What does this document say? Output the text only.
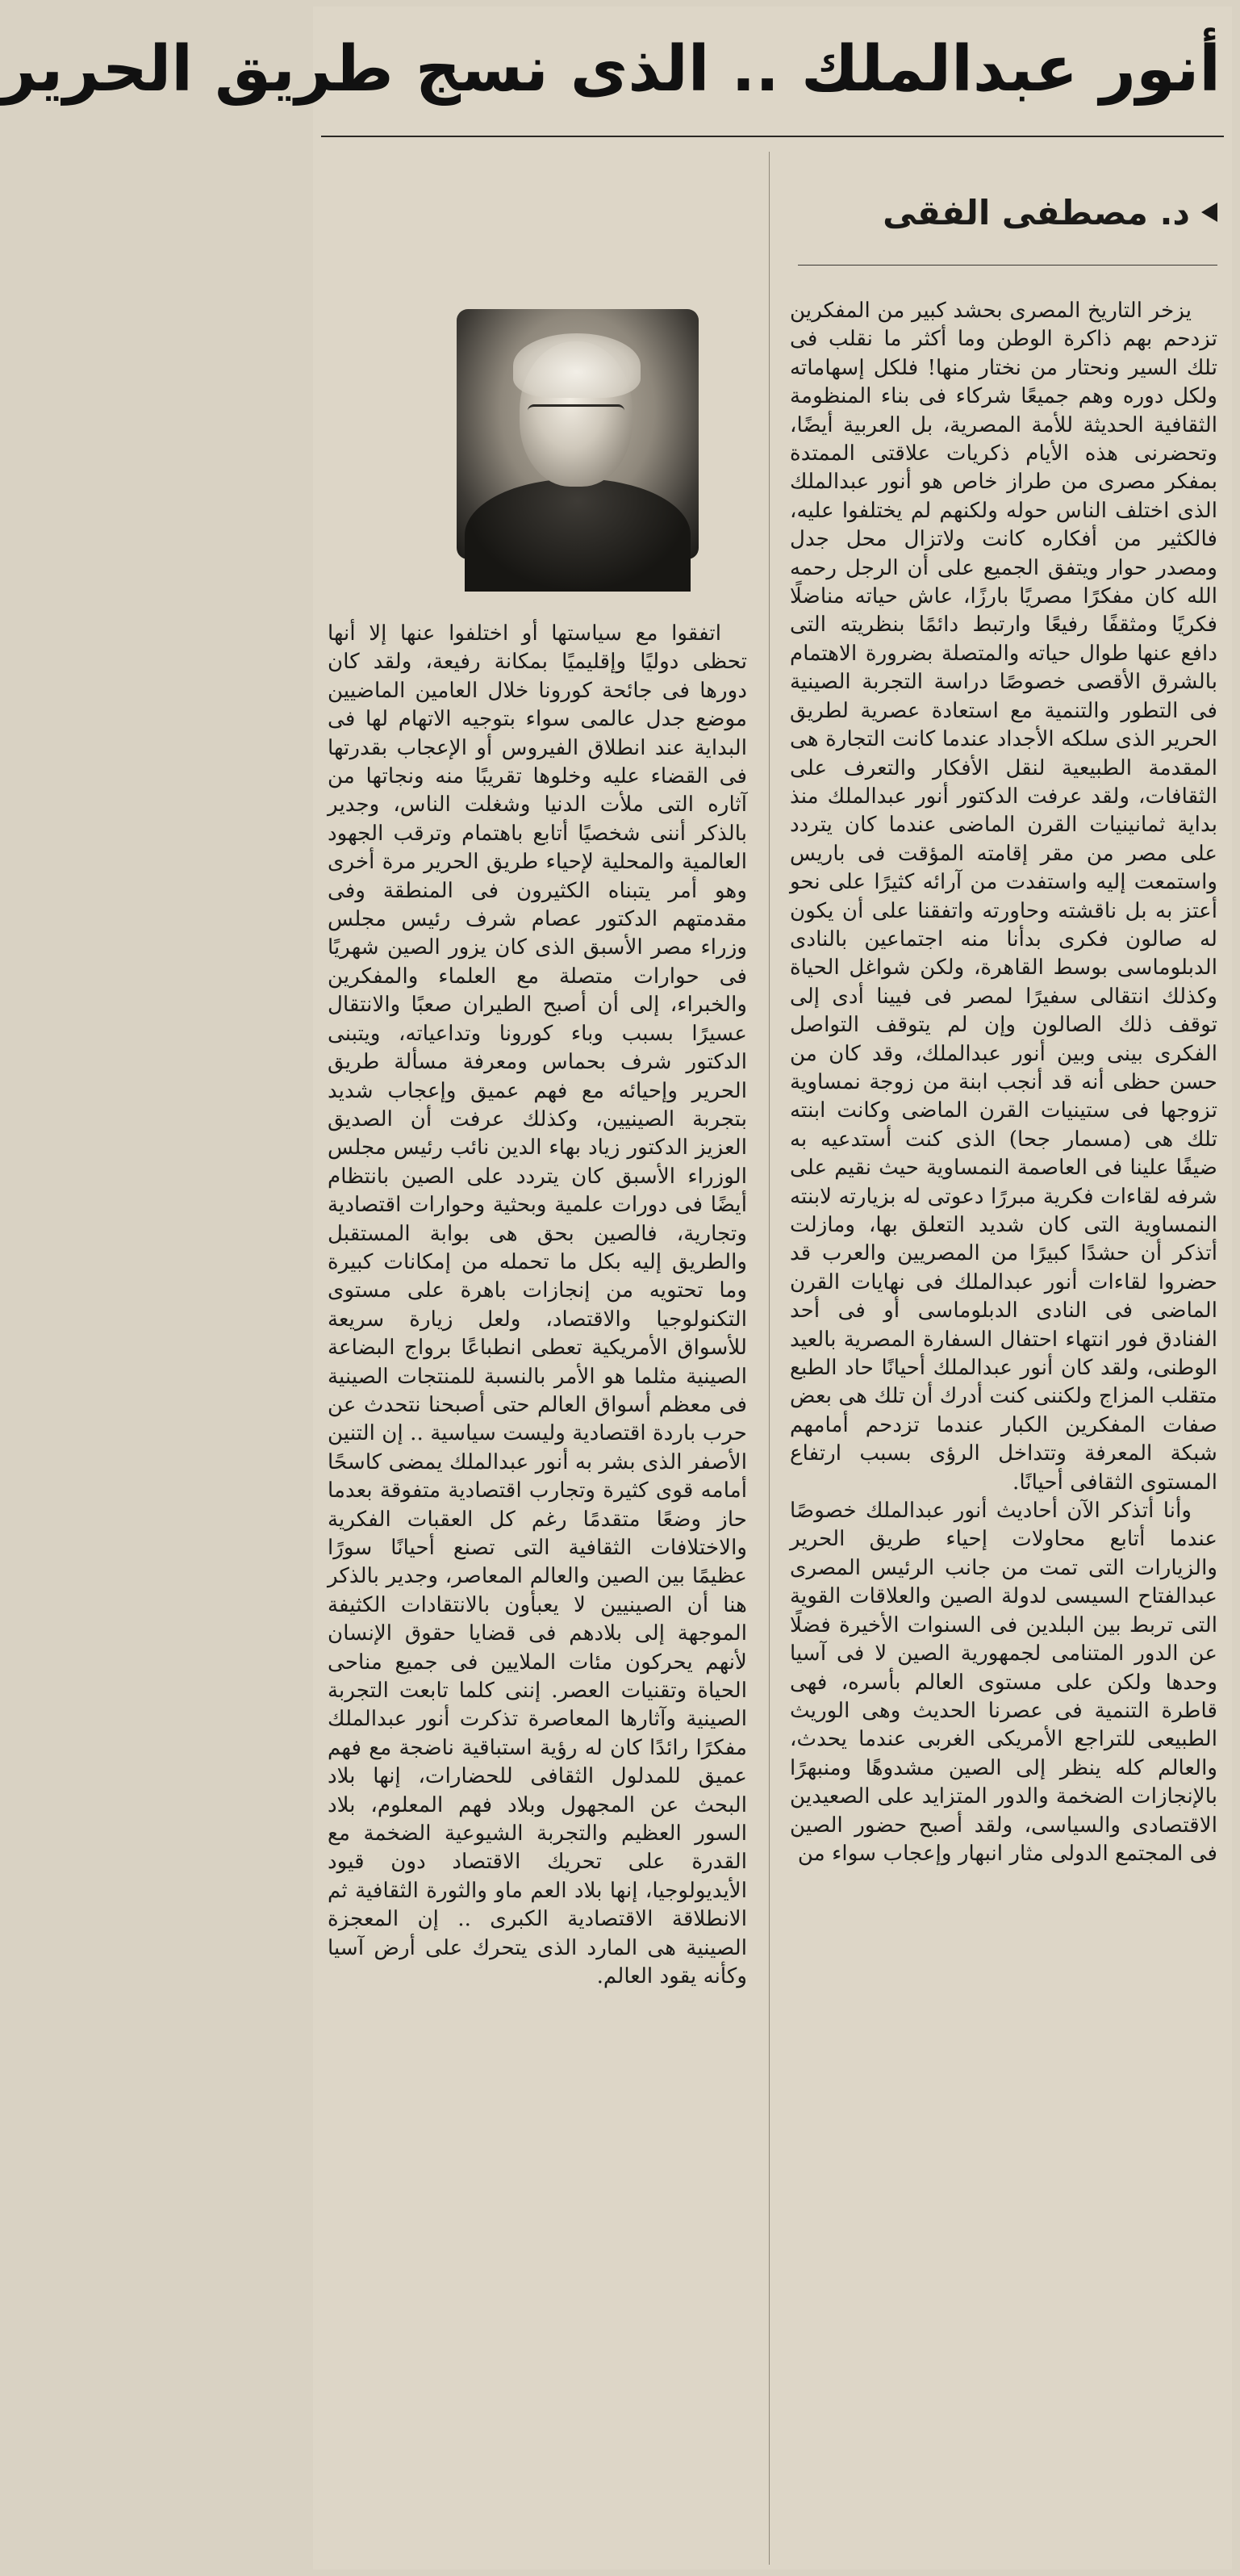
أنور عبدالملك .. الذى نسج طريق الحرير

اتفقوا مع سياستها أو اختلفوا عنها إلا أنها تحظى دوليًا وإقليميًا بمكانة رفيعة، ولقد كان دورها فى جائحة كورونا خلال العامين الماضيين موضع جدل عالمى سواء بتوجيه الاتهام لها فى البداية عند انطلاق الفيروس أو الإعجاب بقدرتها فى القضاء عليه وخلوها تقريبًا منه ونجاتها من آثاره التى ملأت الدنيا وشغلت الناس، وجدير بالذكر أننى شخصيًا أتابع باهتمام وترقب الجهود العالمية والمحلية لإحياء طريق الحرير مرة أخرى وهو أمر يتبناه الكثيرون فى المنطقة وفى مقدمتهم الدكتور عصام شرف رئيس مجلس وزراء مصر الأسبق الذى كان يزور الصين شهريًا فى حوارات متصلة مع العلماء والمفكرين والخبراء، إلى أن أصبح الطيران صعبًا والانتقال عسيرًا بسبب وباء كورونا وتداعياته، ويتبنى الدكتور شرف بحماس ومعرفة مسألة طريق الحرير وإحيائه مع فهم عميق وإعجاب شديد بتجربة الصينيين، وكذلك عرفت أن الصديق العزيز الدكتور زياد بهاء الدين نائب رئيس مجلس الوزراء الأسبق كان يتردد على الصين بانتظام أيضًا فى دورات علمية وبحثية وحوارات اقتصادية وتجارية، فالصين بحق هى بوابة المستقبل والطريق إليه بكل ما تحمله من إمكانات كبيرة وما تحتويه من إنجازات باهرة على مستوى التكنولوجيا والاقتصاد، ولعل زيارة سريعة للأسواق الأمريكية تعطى انطباعًا برواج البضاعة الصينية مثلما هو الأمر بالنسبة للمنتجات الصينية فى معظم أسواق العالم حتى أصبحنا نتحدث عن حرب باردة اقتصادية وليست سياسية .. إن التنين الأصفر الذى بشر به أنور عبدالملك يمضى كاسحًا أمامه قوى كثيرة وتجارب اقتصادية متفوقة بعدما حاز وضعًا متقدمًا رغم كل العقبات الفكرية والاختلافات الثقافية التى تصنع أحيانًا سورًا عظيمًا بين الصين والعالم المعاصر، وجدير بالذكر هنا أن الصينيين لا يعبأون بالانتقادات الكثيفة الموجهة إلى بلادهم فى قضايا حقوق الإنسان لأنهم يحركون مئات الملايين فى جميع مناحى الحياة وتقنيات العصر. إننى كلما تابعت التجربة الصينية وآثارها المعاصرة تذكرت أنور عبدالملك مفكرًا رائدًا كان له رؤية استباقية ناضجة مع فهم عميق للمدلول الثقافى للحضارات، إنها بلاد البحث عن المجهول وبلاد فهم المعلوم، بلاد السور العظيم والتجربة الشيوعية الضخمة مع القدرة على تحريك الاقتصاد دون قيود الأيديولوجيا، إنها بلاد العم ماو والثورة الثقافية ثم الانطلاقة الاقتصادية الكبرى .. إن المعجزة الصينية هى المارد الذى يتحرك على أرض آسيا وكأنه يقود العالم.

د. مصطفى الفقى

يزخر التاريخ المصرى بحشد كبير من المفكرين تزدحم بهم ذاكرة الوطن وما أكثر ما نقلب فى تلك السير ونحتار من نختار منها! فلكل إسهاماته ولكل دوره وهم جميعًا شركاء فى بناء المنظومة الثقافية الحديثة للأمة المصرية، بل العربية أيضًا، وتحضرنى هذه الأيام ذكريات علاقتى الممتدة بمفكر مصرى من طراز خاص هو أنور عبدالملك الذى اختلف الناس حوله ولكنهم لم يختلفوا عليه، فالكثير من أفكاره كانت ولاتزال محل جدل ومصدر حوار ويتفق الجميع على أن الرجل رحمه الله كان مفكرًا مصريًا بارزًا، عاش حياته مناضلًا فكريًا ومثقفًا رفيعًا وارتبط دائمًا بنظريته التى دافع عنها طوال حياته والمتصلة بضرورة الاهتمام بالشرق الأقصى خصوصًا دراسة التجربة الصينية فى التطور والتنمية مع استعادة عصرية لطريق الحرير الذى سلكه الأجداد عندما كانت التجارة هى المقدمة الطبيعية لنقل الأفكار والتعرف على الثقافات، ولقد عرفت الدكتور أنور عبدالملك منذ بداية ثمانينيات القرن الماضى عندما كان يتردد على مصر من مقر إقامته المؤقت فى باريس واستمعت إليه واستفدت من آرائه كثيرًا على نحو أعتز به بل ناقشته وحاورته واتفقنا على أن يكون له صالون فكرى بدأنا منه اجتماعين بالنادى الدبلوماسى بوسط القاهرة، ولكن شواغل الحياة وكذلك انتقالى سفيرًا لمصر فى فيينا أدى إلى توقف ذلك الصالون وإن لم يتوقف التواصل الفكرى بينى وبين أنور عبدالملك، وقد كان من حسن حظى أنه قد أنجب ابنة من زوجة نمساوية تزوجها فى ستينيات القرن الماضى وكانت ابنته تلك هى (مسمار جحا) الذى كنت أستدعيه به ضيفًا علينا فى العاصمة النمساوية حيث نقيم على شرفه لقاءات فكرية مبررًا دعوتى له بزيارته لابنته النمساوية التى كان شديد التعلق بها، ومازلت أتذكر أن حشدًا كبيرًا من المصريين والعرب قد حضروا لقاءات أنور عبدالملك فى نهايات القرن الماضى فى النادى الدبلوماسى أو فى أحد الفنادق فور انتهاء احتفال السفارة المصرية بالعيد الوطنى، ولقد كان أنور عبدالملك أحيانًا حاد الطبع متقلب المزاج ولكننى كنت أدرك أن تلك هى بعض صفات المفكرين الكبار عندما تزدحم أمامهم شبكة المعرفة وتتداخل الرؤى بسبب ارتفاع المستوى الثقافى أحيانًا.

وأنا أتذكر الآن أحاديث أنور عبدالملك خصوصًا عندما أتابع محاولات إحياء طريق الحرير والزيارات التى تمت من جانب الرئيس المصرى عبدالفتاح السيسى لدولة الصين والعلاقات القوية التى تربط بين البلدين فى السنوات الأخيرة فضلًا عن الدور المتنامى لجمهورية الصين لا فى آسيا وحدها ولكن على مستوى العالم بأسره، فهى قاطرة التنمية فى عصرنا الحديث وهى الوريث الطبيعى للتراجع الأمريكى الغربى عندما يحدث، والعالم كله ينظر إلى الصين مشدوهًا ومنبهرًا بالإنجازات الضخمة والدور المتزايد على الصعيدين الاقتصادى والسياسى، ولقد أصبح حضور الصين فى المجتمع الدولى مثار انبهار وإعجاب سواء من
